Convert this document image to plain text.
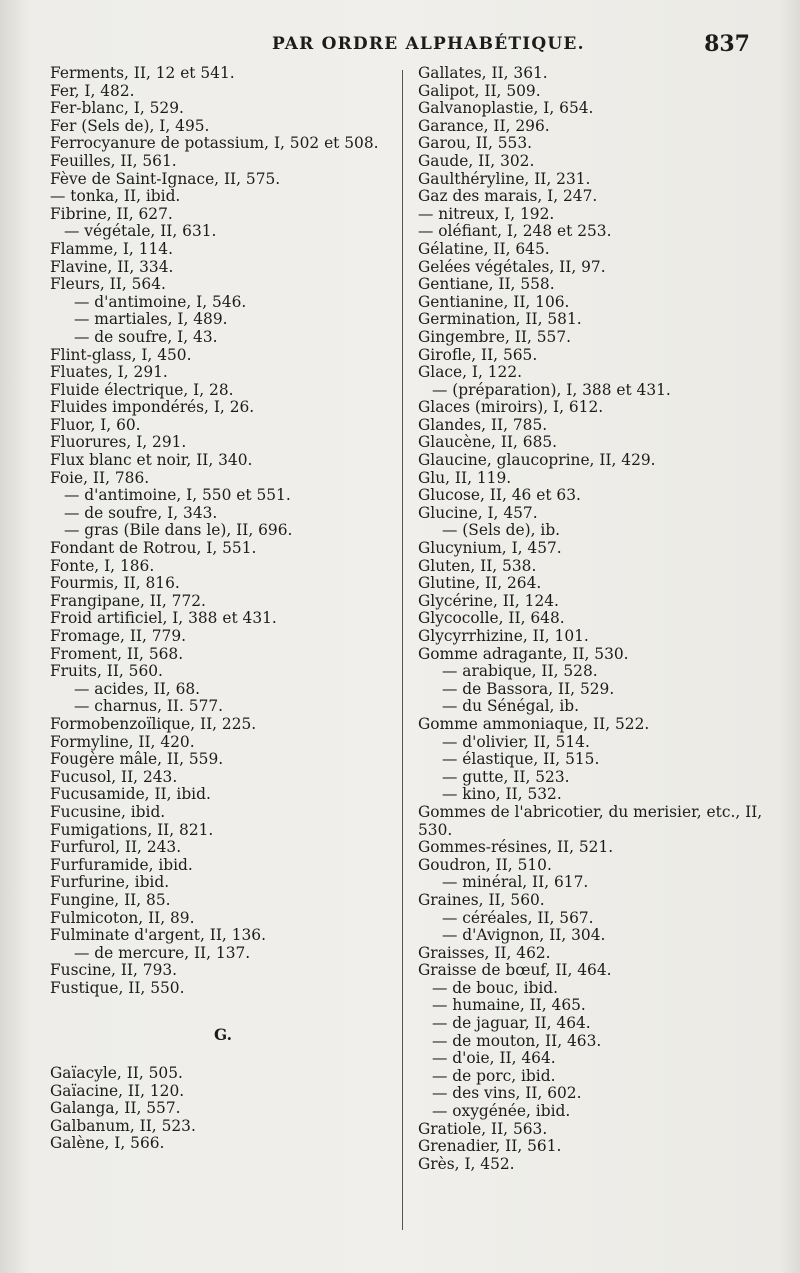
PAR ORDRE ALPHABÉTIQUE.	837
Ferments, II, 12 et 541.
Fer, I, 482.
Fer-blanc, I, 529.
Fer (Sels de), I, 495.
Ferrocyanure de potassium, I, 502 et 508.
Feuilles, II, 561.
Fève de Saint-Ignace, II, 575.
— tonka, II, ibid.
Fibrine, II, 627.
— végétale, II, 631.
Flamme, I, 114.
Flavine, II, 334.
Fleurs, II, 564.
— d'antimoine, I, 546.
— martiales, I, 489.
— de soufre, I, 43.
Flint-glass, I, 450.
Fluates, I, 291.
Fluide électrique, I, 28.
Fluides impondérés, I, 26.
Fluor, I, 60.
Fluorures, I, 291.
Flux blanc et noir, II, 340.
Foie, II, 786.
— d'antimoine, I, 550 et 551.
— de soufre, I, 343.
— gras (Bile dans le), II, 696.
Fondant de Rotrou, I, 551.
Fonte, I, 186.
Fourmis, II, 816.
Frangipane, II, 772.
Froid artificiel, I, 388 et 431.
Fromage, II, 779.
Froment, II, 568.
Fruits, II, 560.
— acides, II, 68.
— charnus, II. 577.
Formobenzoïlique, II, 225.
Formyline, II, 420.
Fougère mâle, II, 559.
Fucusol, II, 243.
Fucusamide, II, ibid.
Fucusine, ibid.
Fumigations, II, 821.
Furfurol, II, 243.
Furfuramide, ibid.
Furfurine, ibid.
Fungine, II, 85.
Fulmicoton, II, 89.
Fulminate d'argent, II, 136.
— de mercure, II, 137.
Fuscine, II, 793.
Fustique, II, 550.
G.
Gaïacyle, II, 505.
Gaïacine, II, 120.
Galanga, II, 557.
Galbanum, II, 523.
Galène, I, 566.
Gallates, II, 361.
Galipot, II, 509.
Galvanoplastie, I, 654.
Garance, II, 296.
Garou, II, 553.
Gaude, II, 302.
Gaulthéryline, II, 231.
Gaz des marais, I, 247.
— nitreux, I, 192.
— oléfiant, I, 248 et 253.
Gélatine, II, 645.
Gelées végétales, II, 97.
Gentiane, II, 558.
Gentianine, II, 106.
Germination, II, 581.
Gingembre, II, 557.
Girofle, II, 565.
Glace, I, 122.
— (préparation), I, 388 et 431.
Glaces (miroirs), I, 612.
Glandes, II, 785.
Glaucène, II, 685.
Glaucine, glaucoprine, II, 429.
Glu, II, 119.
Glucose, II, 46 et 63.
Glucine, I, 457.
— (Sels de), ib.
Glucynium, I, 457.
Gluten, II, 538.
Glutine, II, 264.
Glycérine, II, 124.
Glycocolle, II, 648.
Glycyrrhizine, II, 101.
Gomme adragante, II, 530.
— arabique, II, 528.
— de Bassora, II, 529.
— du Sénégal, ib.
Gomme ammoniaque, II, 522.
— d'olivier, II, 514.
— élastique, II, 515.
— gutte, II, 523.
— kino, II, 532.
Gommes de l'abricotier, du merisier, etc., II, 530.
Gommes-résines, II, 521.
Goudron, II, 510.
— minéral, II, 617.
Graines, II, 560.
— céréales, II, 567.
— d'Avignon, II, 304.
Graisses, II, 462.
Graisse de bœuf, II, 464.
— de bouc, ibid.
— humaine, II, 465.
— de jaguar, II, 464.
— de mouton, II, 463.
— d'oie, II, 464.
— de porc, ibid.
— des vins, II, 602.
— oxygénée, ibid.
Gratiole, II, 563.
Grenadier, II, 561.
Grès, I, 452.
